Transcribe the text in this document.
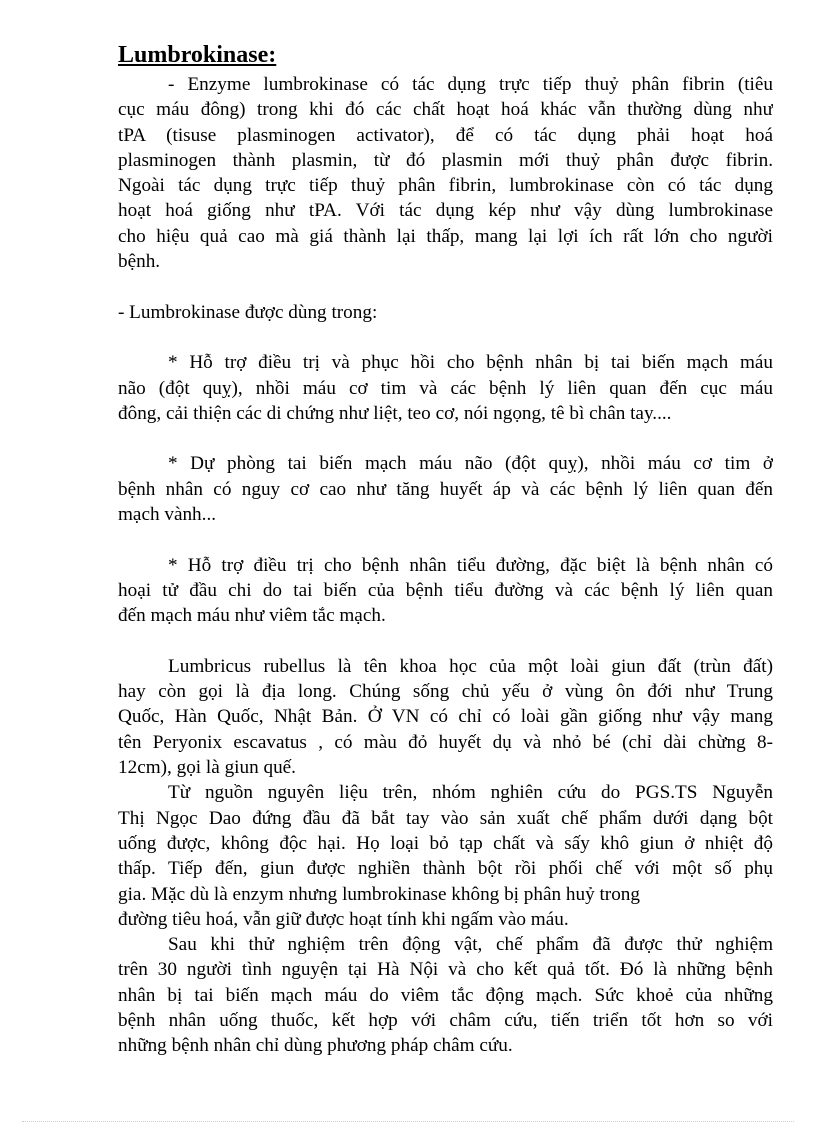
Lumbrokinase:
- Enzyme lumbrokinase có tác dụng trực tiếp thuỷ phân fibrin (tiêu
cục máu đông) trong khi đó các chất hoạt hoá khác vẫn thường dùng như
tPA (tisuse plasminogen activator), để có tác dụng phải hoạt hoá
plasminogen thành plasmin, từ đó plasmin mới thuỷ phân được fibrin.
Ngoài tác dụng trực tiếp thuỷ phân fibrin, lumbrokinase còn có tác dụng
hoạt hoá giống như tPA. Với tác dụng kép như vậy dùng lumbrokinase
cho hiệu quả cao mà giá thành lại thấp, mang lại lợi ích rất lớn cho người
bệnh.
- Lumbrokinase được dùng trong:
* Hỗ trợ điều trị và phục hồi cho bệnh nhân bị tai biến mạch máu
não (đột quỵ), nhồi máu cơ tim và các bệnh lý liên quan đến cục máu
đông, cải thiện các di chứng như liệt, teo cơ, nói ngọng, tê bì chân tay....
* Dự phòng tai biến mạch máu não (đột quỵ), nhồi máu cơ tim ở
bệnh nhân có nguy cơ cao như tăng huyết áp và các bệnh lý liên quan đến
mạch vành...
* Hỗ trợ điều trị cho bệnh nhân tiểu đường, đặc biệt là bệnh nhân có
hoại tử đầu chi do tai biến của bệnh tiểu đường và các bệnh lý liên quan
đến mạch máu như viêm tắc mạch.
Lumbricus rubellus là tên khoa học của một loài giun đất (trùn đất)
hay còn gọi là địa long. Chúng sống chủ yếu ở vùng ôn đới như Trung
Quốc, Hàn Quốc, Nhật Bản. Ở VN có chỉ có loài gần giống như vậy mang
tên Peryonix escavatus , có màu đỏ huyết dụ và nhỏ bé (chỉ dài chừng 8-
12cm), gọi là giun quế.
Từ nguồn nguyên liệu trên, nhóm nghiên cứu do PGS.TS Nguyễn
Thị Ngọc Dao đứng đầu đã bắt tay vào sản xuất chế phẩm dưới dạng bột
uống được, không độc hại. Họ loại bỏ tạp chất và sấy khô giun ở nhiệt độ
thấp. Tiếp đến, giun được nghiền thành bột rồi phối chế với một số phụ
gia. Mặc dù là enzym nhưng lumbrokinase không bị phân huỷ trong
đường tiêu hoá, vẫn giữ được hoạt tính khi ngấm vào máu.
Sau khi thử nghiệm trên động vật, chế phẩm đã được thử nghiệm
trên 30 người tình nguyện tại Hà Nội và cho kết quả tốt. Đó là những bệnh
nhân bị tai biến mạch máu do viêm tắc động mạch. Sức khoẻ của những
bệnh nhân uống thuốc, kết hợp với châm cứu, tiến triển tốt hơn so với
những bệnh nhân chỉ dùng phương pháp châm cứu.
